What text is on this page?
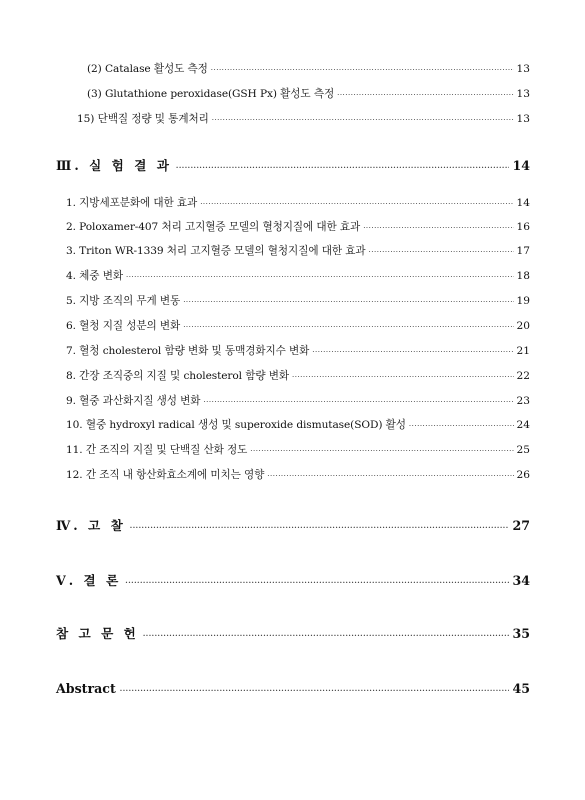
(2) Catalase 활성도 측정 ·····	13
(3) Glutathione peroxidase(GSH Px) 활성도 측정 ·····	13
15) 단백질 정량 및 통계처리 ·····	13
Ⅲ. 실 험 결 과 ·····	14
1. 지방세포분화에 대한 효과 ·····	14
2. Poloxamer-407 처리 고지혈증 모델의 혈청지질에 대한 효과 ·····	16
3. Triton WR-1339 처리 고지혈증 모델의 혈청지질에 대한 효과 ·····	17
4. 체중 변화 ·····	18
5. 지방 조직의 무게 변동 ·····	19
6. 혈청 지질 성분의 변화 ·····	20
7. 혈청 cholesterol 함량 변화 및 동맥경화지수 변화 ·····	21
8. 간장 조직중의 지질 및 cholesterol 함량 변화 ·····	22
9. 혈중 과산화지질 생성 변화 ·····	23
10. 혈중 hydroxyl radical 생성 및 superoxide dismutase(SOD) 활성 ·····	24
11. 간 조직의 지질 및 단백질 산화 정도 ·····	25
12. 간 조직 내 항산화효소계에 미치는 영향 ·····	26
Ⅳ. 고 찰 ·····	27
Ⅴ. 결 론 ·····	34
참 고 문 헌 ·····	35
Abstract ·····	45
